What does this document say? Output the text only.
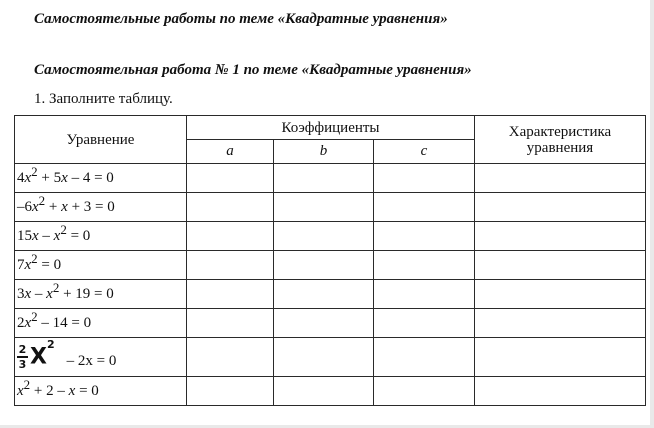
Самостоятельные работы по теме «Квадратные уравнения»

Самостоятельная работа № 1 по теме «Квадратные уравнения»

1. Заполните таблицу.

Уравнение	Коэффициенты			Характеристика уравнения
	a	b	c	
$4x^2 + 5x - 4 = 0$				
$-6x^2 + x + 3 = 0$				
$15x - x^2 = 0$				
$7x^2 = 0$				
$3x - x^2 + 19 = 0$				
$2x^2 - 14 = 0$				

$\frac{2}{3} X^2-$ 2x = 0				
$x^2 + 2 - x = 0$				
